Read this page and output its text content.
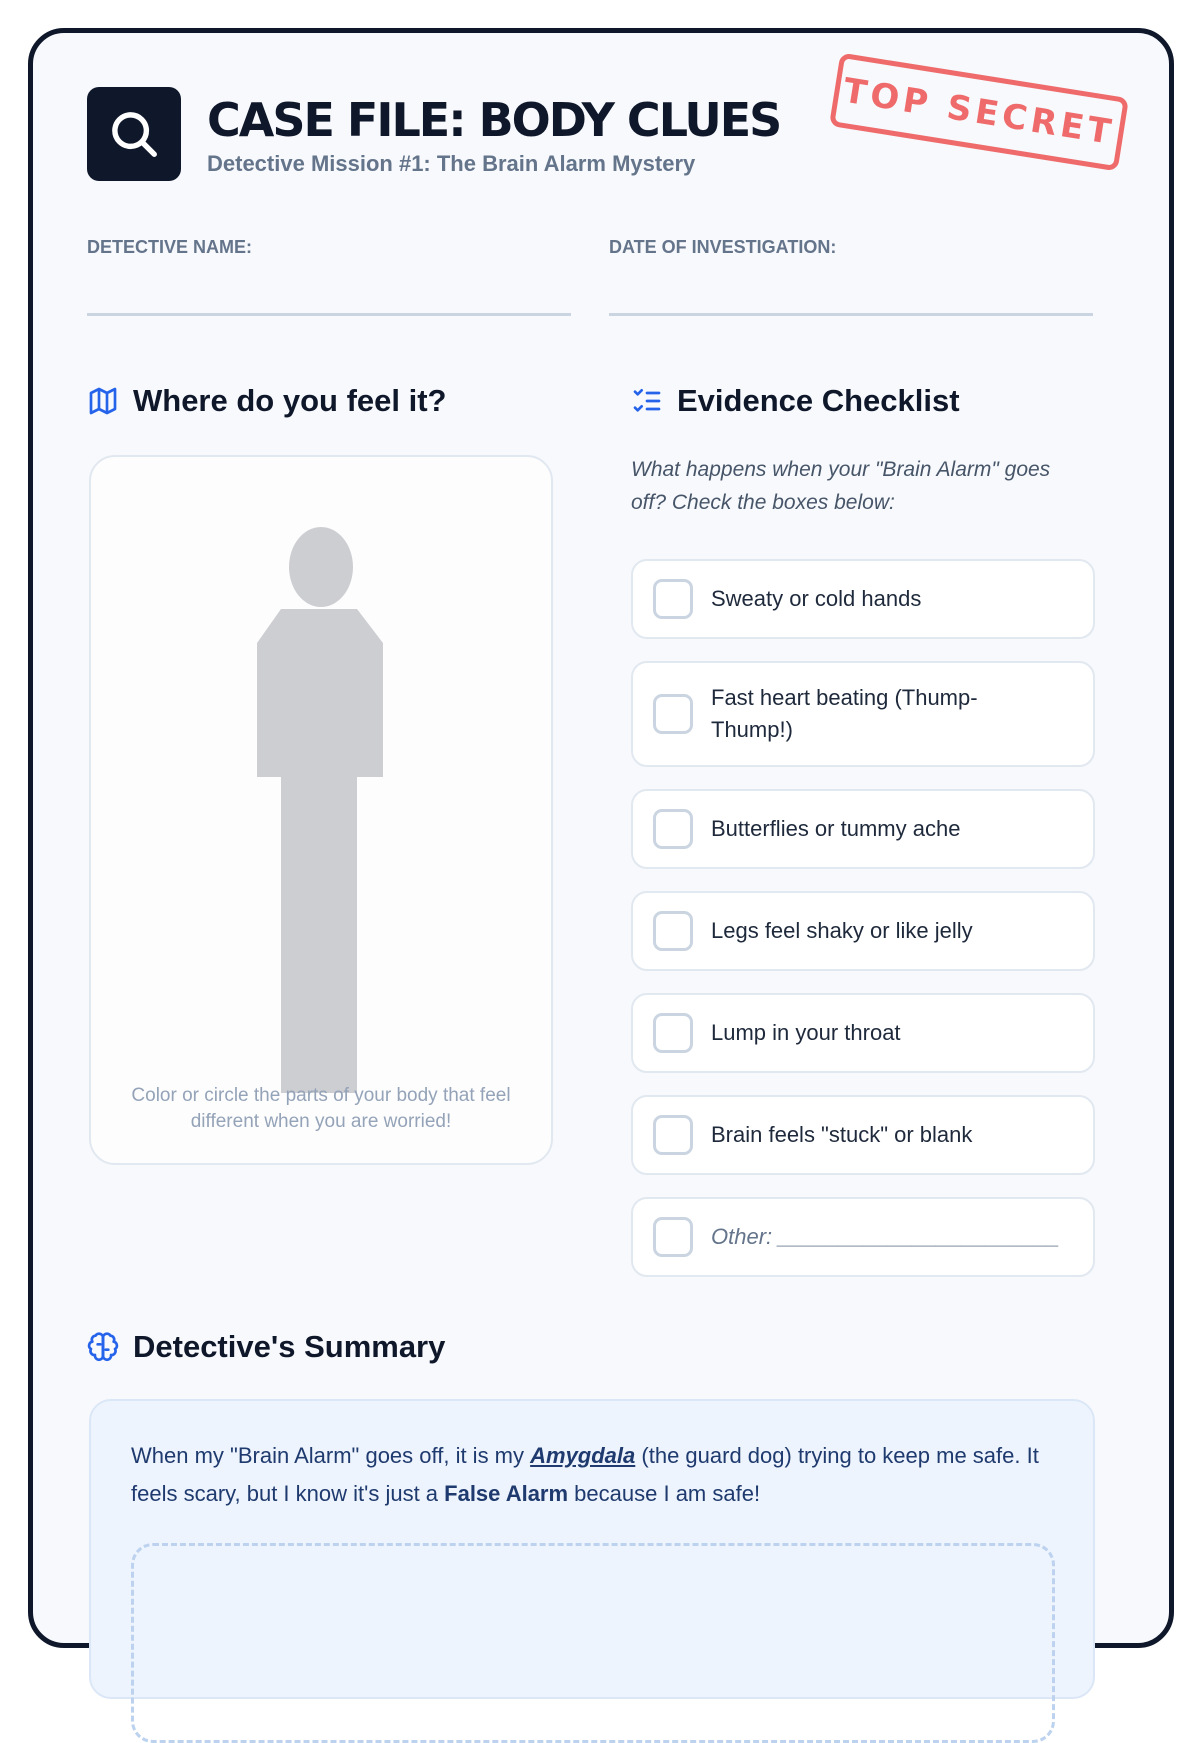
CASE FILE: BODY CLUES
Detective Mission #1: The Brain Alarm Mystery
TOP SECRET
DETECTIVE NAME:	DATE OF INVESTIGATION:
Where do you feel it?
Color or circle the parts of your body that feel different when you are worried!
Evidence Checklist
What happens when your "Brain Alarm" goes off? Check the boxes below:
Sweaty or cold hands
Fast heart beating (Thump-Thump!)
Butterflies or tummy ache
Legs feel shaky or like jelly
Lump in your throat
Brain feels "stuck" or blank
Other: _______________________
Detective's Summary

When my "Brain Alarm" goes off, it is my Amygdala (the guard dog) trying to keep me safe. It feels scary, but I know it's just a False Alarm because I am safe!
